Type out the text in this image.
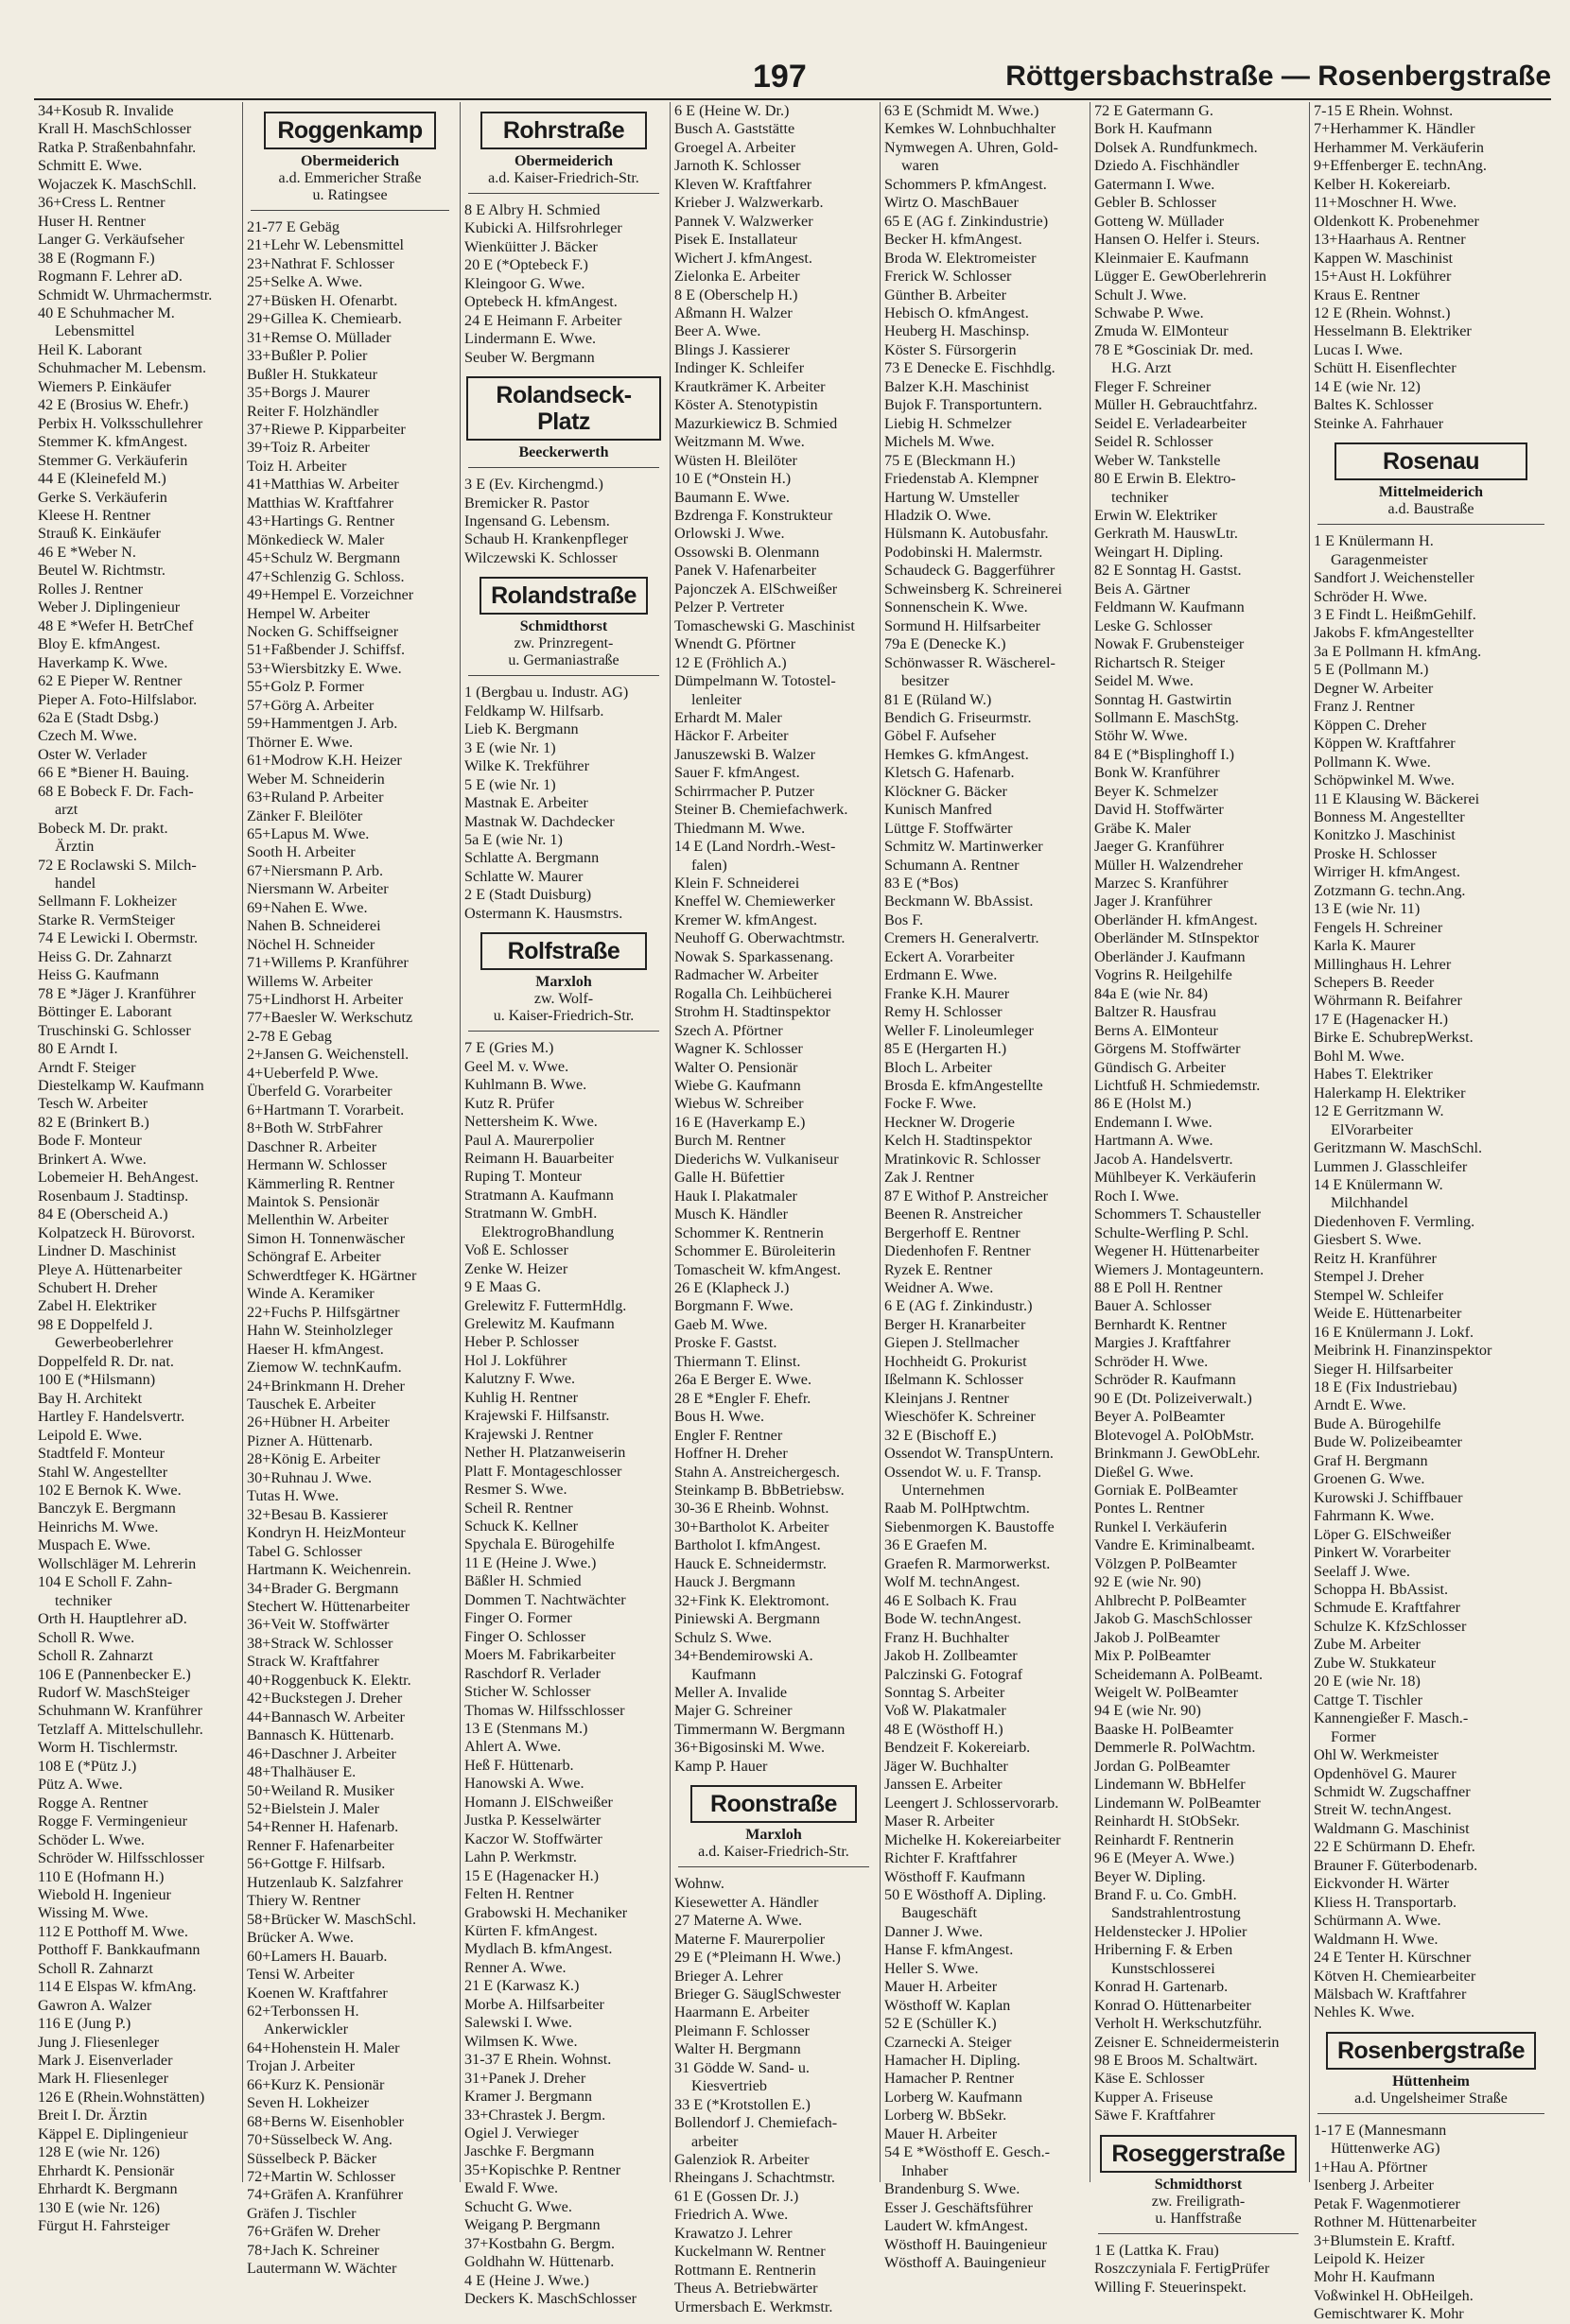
197	Röttgersbachstraße — Rosenbergstraße
34+Kosub R. Invalide
Krall H. MaschSchlosser
Ratka P. Straßenbahnfahr.
Schmitt E. Wwe.
Wojaczek K. MaschSchll.
36+Cress L. Rentner
Huser H. Rentner
Langer G. Verkäufseher
38 E (Rogmann F.)
Rogmann F. Lehrer aD.
Schmidt W. Uhrmachermstr.
40 E Schuhmacher M.
Lebensmittel
Heil K. Laborant
Schuhmacher M. Lebensm.
Wiemers P. Einkäufer
42 E (Brosius W. Ehefr.)
Perbix H. Volksschullehrer
Stemmer K. kfmAngest.
Stemmer G. Verkäuferin
44 E (Kleinefeld M.)
Gerke S. Verkäuferin
Kleese H. Rentner
Strauß K. Einkäufer
46 E *Weber N.
Beutel W. Richtmstr.
Rolles J. Rentner
Weber J. Diplingenieur
48 E *Wefer H. BetrChef
Bloy E. kfmAngest.
Haverkamp K. Wwe.
62 E Pieper W. Rentner
Pieper A. Foto-Hilfslabor.
62a E (Stadt Dsbg.)
Czech M. Wwe.
Oster W. Verlader
66 E *Biener H. Bauing.
68 E Bobeck F. Dr. Fach-
arzt
Bobeck M. Dr. prakt.
Ärztin
72 E Roclawski S. Milch-
handel
Sellmann F. Lokheizer
Starke R. VermSteiger
74 E Lewicki I. Obermstr.
Heiss G. Dr. Zahnarzt
Heiss G. Kaufmann
78 E *Jäger J. Kranführer
Böttinger E. Laborant
Truschinski G. Schlosser
80 E Arndt I.
Arndt F. Steiger
Diestelkamp W. Kaufmann
Tesch W. Arbeiter
82 E (Brinkert B.)
Bode F. Monteur
Brinkert A. Wwe.
Lobemeier H. BehAngest.
Rosenbaum J. Stadtinsp.
84 E (Oberscheid A.)
Kolpatzeck H. Bürovorst.
Lindner D. Maschinist
Pleye A. Hüttenarbeiter
Schubert H. Dreher
Zabel H. Elektriker
98 E Doppelfeld J.
Gewerbeoberlehrer
Doppelfeld R. Dr. nat.
100 E (*Hilsmann)
Bay H. Architekt
Hartley F. Handelsvertr.
Leipold E. Wwe.
Stadtfeld F. Monteur
Stahl W. Angestellter
102 E Bernok K. Wwe.
Banczyk E. Bergmann
Heinrichs M. Wwe.
Muspach E. Wwe.
Wollschläger M. Lehrerin
104 E Scholl F. Zahn-
techniker
Orth H. Hauptlehrer aD.
Scholl R. Wwe.
Scholl R. Zahnarzt
106 E (Pannenbecker E.)
Rudorf W. MaschSteiger
Schuhmann W. Kranführer
Tetzlaff A. Mittelschullehr.
Worm H. Tischlermstr.
108 E (*Pütz J.)
Pütz A. Wwe.
Rogge A. Rentner
Rogge F. Vermingenieur
Schöder L. Wwe.
Schröder W. Hilfsschlosser
110 E (Hofmann H.)
Wiebold H. Ingenieur
Wissing M. Wwe.
112 E Potthoff M. Wwe.
Potthoff F. Bankkaufmann
Scholl R. Zahnarzt
114 E Elspas W. kfmAng.
Gawron A. Walzer
116 E (Jung P.)
Jung J. Fliesenleger
Mark J. Eisenverlader
Mark H. Fliesenleger
126 E (Rhein.Wohnstätten)
Breit I. Dr. Ärztin
Käppel E. Diplingenieur
128 E (wie Nr. 126)
Ehrhardt K. Pensionär
Ehrhardt K. Bergmann
130 E (wie Nr. 126)
Fürgut H. Fahrsteiger
Roggenkamp
Obermeiderich
a.d. Emmericher Straße
u. Ratingsee
21-77 E Gebäg
21+Lehr W. Lebensmittel
23+Nathrat F. Schlosser
25+Selke A. Wwe.
27+Büsken H. Ofenarbt.
29+Gillea K. Chemiearb.
31+Remse O. Müllader
33+Bußler P. Polier
Bußler H. Stukkateur
35+Borgs J. Maurer
Reiter F. Holzhändler
37+Riewe P. Kipparbeiter
39+Toiz R. Arbeiter
Toiz H. Arbeiter
41+Matthias W. Arbeiter
Matthias W. Kraftfahrer
43+Hartings G. Rentner
Mönkedieck W. Maler
45+Schulz W. Bergmann
47+Schlenzig G. Schloss.
49+Hempel E. Vorzeichner
Hempel W. Arbeiter
Nocken G. Schiffseigner
51+Faßbender J. Schiffsf.
53+Wiersbitzky E. Wwe.
55+Golz P. Former
57+Görg A. Arbeiter
59+Hammentgen J. Arb.
Thörner E. Wwe.
61+Modrow K.H. Heizer
Weber M. Schneiderin
63+Ruland P. Arbeiter
Zänker F. Bleilöter
65+Lapus M. Wwe.
Sooth H. Arbeiter
67+Niersmann P. Arb.
Niersmann W. Arbeiter
69+Nahen E. Wwe.
Nahen B. Schneiderei
Nöchel H. Schneider
71+Willems P. Kranführer
Willems W. Arbeiter
75+Lindhorst H. Arbeiter
77+Baesler W. Werkschutz
2-78 E Gebag
2+Jansen G. Weichenstell.
4+Ueberfeld P. Wwe.
Überfeld G. Vorarbeiter
6+Hartmann T. Vorarbeit.
8+Both W. StrbFahrer
Daschner R. Arbeiter
Hermann W. Schlosser
Kämmerling R. Rentner
Maintok S. Pensionär
Mellenthin W. Arbeiter
Simon H. Tonnenwäscher
Schöngraf E. Arbeiter
Schwerdtfeger K. HGärtner
Winde A. Keramiker
22+Fuchs P. Hilfsgärtner
Hahn W. Steinholzleger
Haeser H. kfmAngest.
Ziemow W. technKaufm.
24+Brinkmann H. Dreher
Tauschek E. Arbeiter
26+Hübner H. Arbeiter
Pizner A. Hüttenarb.
28+König E. Arbeiter
30+Ruhnau J. Wwe.
Tutas H. Wwe.
32+Besau B. Kassierer
Kondryn H. HeizMonteur
Tabel G. Schlosser
Hartmann K. Weichenrein.
34+Brader G. Bergmann
Stechert W. Hüttenarbeiter
36+Veit W. Stoffwärter
38+Strack W. Schlosser
Strack W. Kraftfahrer
40+Roggenbuck K. Elektr.
42+Buckstegen J. Dreher
44+Bannasch W. Arbeiter
Bannasch K. Hüttenarb.
46+Daschner J. Arbeiter
48+Thalhäuser E.
50+Weiland R. Musiker
52+Bielstein J. Maler
54+Renner H. Hafenarb.
Renner F. Hafenarbeiter
56+Gottge F. Hilfsarb.
Hutzenlaub K. Salzfahrer
Thiery W. Rentner
58+Brücker W. MaschSchl.
Brücker A. Wwe.
60+Lamers H. Bauarb.
Tensi W. Arbeiter
Koenen W. Kraftfahrer
62+Terbonssen H.
Ankerwickler
64+Hohenstein H. Maler
Trojan J. Arbeiter
66+Kurz K. Pensionär
Seven H. Lokheizer
68+Berns W. Eisenhobler
70+Süsselbeck W. Ang.
Süsselbeck P. Bäcker
72+Martin W. Schlosser
74+Gräfen A. Kranführer
Gräfen J. Tischler
76+Gräfen W. Dreher
78+Jach K. Schreiner
Lautermann W. Wächter
Rohrstraße
Obermeiderich
a.d. Kaiser-Friedrich-Str.
8 E Albry H. Schmied
Kubicki A. Hilfsrohrleger
Wienküitter J. Bäcker
20 E (*Optebeck F.)
Kleingoor G. Wwe.
Optebeck H. kfmAngest.
24 E Heimann F. Arbeiter
Lindermann E. Wwe.
Seuber W. Bergmann
Rolandseck-Platz
Beeckerwerth
3 E (Ev. Kirchengmd.)
Bremicker R. Pastor
Ingensand G. Lebensm.
Schaub H. Krankenpfleger
Wilczewski K. Schlosser
Rolandstraße
Schmidthorst
zw. Prinzregent-
u. Germaniastraße
1 (Bergbau u. Industr. AG)
Feldkamp W. Hilfsarb.
Lieb K. Bergmann
3 E (wie Nr. 1)
Wilke K. Trekführer
5 E (wie Nr. 1)
Mastnak E. Arbeiter
Mastnak W. Dachdecker
5a E (wie Nr. 1)
Schlatte A. Bergmann
Schlatte W. Maurer
2 E (Stadt Duisburg)
Ostermann K. Hausmstrs.
Rolfstraße
Marxloh
zw. Wolf-
u. Kaiser-Friedrich-Str.
7 E (Gries M.)
Geel M. v. Wwe.
Kuhlmann B. Wwe.
Kutz R. Prüfer
Nettersheim K. Wwe.
Paul A. Maurerpolier
Reimann H. Bauarbeiter
Ruping T. Monteur
Stratmann A. Kaufmann
Stratmann W. GmbH.
ElektrogroBhandlung
Voß E. Schlosser
Zenke W. Heizer
9 E Maas G.
Grelewitz F. FuttermHdlg.
Grelewitz M. Kaufmann
Heber P. Schlosser
Hol J. Lokführer
Kalutzny F. Wwe.
Kuhlig H. Rentner
Krajewski F. Hilfsanstr.
Krajewski J. Rentner
Nether H. Platzanweiserin
Platt F. Montageschlosser
Resmer S. Wwe.
Scheil R. Rentner
Schuck K. Kellner
Spychala E. Bürogehilfe
11 E (Heine J. Wwe.)
Bäßler H. Schmied
Dommen T. Nachtwächter
Finger O. Former
Finger O. Schlosser
Moers M. Fabrikarbeiter
Raschdorf R. Verlader
Sticher W. Schlosser
Thomas W. Hilfsschlosser
13 E (Stenmans M.)
Ahlert A. Wwe.
Heß F. Hüttenarb.
Hanowski A. Wwe.
Homann J. ElSchweißer
Justka P. Kesselwärter
Kaczor W. Stoffwärter
Lahn P. Werkmstr.
15 E (Hagenacker H.)
Felten H. Rentner
Grabowski H. Mechaniker
Kürten F. kfmAngest.
Mydlach B. kfmAngest.
Renner A. Wwe.
21 E (Karwasz K.)
Morbe A. Hilfsarbeiter
Salewski I. Wwe.
Wilmsen K. Wwe.
31-37 E Rhein. Wohnst.
31+Panek J. Dreher
Kramer J. Bergmann
33+Chrastek J. Bergm.
Ogiel J. Verwieger
Jaschke F. Bergmann
35+Kopischke P. Rentner
Ewald F. Wwe.
Schucht G. Wwe.
Weigang P. Bergmann
37+Kostbahn G. Bergm.
Goldhahn W. Hüttenarb.
4 E (Heine J. Wwe.)
Deckers K. MaschSchlosser
6 E (Heine W. Dr.)
Busch A. Gaststätte
Groegel A. Arbeiter
Jarnoth K. Schlosser
Kleven W. Kraftfahrer
Krieber J. Walzwerkarb.
Pannek V. Walzwerker
Pisek E. Installateur
Wichert J. kfmAngest.
Zielonka E. Arbeiter
8 E (Oberschelp H.)
Aßmann H. Walzer
Beer A. Wwe.
Blings J. Kassierer
Indinger K. Schleifer
Krautkrämer K. Arbeiter
Köster A. Stenotypistin
Mazurkiewicz B. Schmied
Weitzmann M. Wwe.
Wüsten H. Bleilöter
10 E (*Onstein H.)
Baumann E. Wwe.
Bzdrenga F. Konstrukteur
Orlowski J. Wwe.
Ossowski B. Olenmann
Panek V. Hafenarbeiter
Pajonczek A. ElSchweißer
Pelzer P. Vertreter
Tomaschewski G. Maschinist
Wnendt G. Pförtner
12 E (Fröhlich A.)
Dümpelmann W. Totostel-
lenleiter
Erhardt M. Maler
Häckor F. Arbeiter
Januszewski B. Walzer
Sauer F. kfmAngest.
Schirrmacher P. Putzer
Steiner B. Chemiefachwerk.
Thiedmann M. Wwe.
14 E (Land Nordrh.-West-
falen)
Klein F. Schneiderei
Kneffel W. Chemiewerker
Kremer W. kfmAngest.
Neuhoff G. Oberwachtmstr.
Nowak S. Sparkassenang.
Radmacher W. Arbeiter
Rogalla Ch. Leihbücherei
Strohm H. Stadtinspektor
Szech A. Pförtner
Wagner K. Schlosser
Walter O. Pensionär
Wiebe G. Kaufmann
Wiebus W. Schreiber
16 E (Haverkamp E.)
Burch M. Rentner
Diederichs W. Vulkaniseur
Galle H. Büfettier
Hauk I. Plakatmaler
Musch K. Händler
Schommer K. Rentnerin
Schommer E. Büroleiterin
Tomascheit W. kfmAngest.
26 E (Klapheck J.)
Borgmann F. Wwe.
Gaeb M. Wwe.
Proske F. Gastst.
Thiermann T. Elinst.
26a E Berger E. Wwe.
28 E *Engler F. Ehefr.
Bous H. Wwe.
Engler F. Rentner
Hoffner H. Dreher
Stahn A. Anstreichergesch.
Steinkamp B. BbBetriebsw.
30-36 E Rheinb. Wohnst.
30+Bartholot K. Arbeiter
Bartholot I. kfmAngest.
Hauck E. Schneidermstr.
Hauck J. Bergmann
32+Fink K. Elektromont.
Piniewski A. Bergmann
Schulz S. Wwe.
34+Bendemirowski A.
Kaufmann
Meller A. Invalide
Majer G. Schreiner
Timmermann W. Bergmann
36+Bigosinski M. Wwe.
Kamp P. Hauer
Roonstraße
Marxloh
a.d. Kaiser-Friedrich-Str.
Wohnw.
Kiesewetter A. Händler
27 Materne A. Wwe.
Materne F. Maurerpolier
29 E (*Pleimann H. Wwe.)
Brieger A. Lehrer
Brieger G. SäuglSchwester
Haarmann E. Arbeiter
Pleimann F. Schlosser
Walter H. Bergmann
31 Gödde W. Sand- u.
Kiesvertrieb
33 E (*Krotstollen E.)
Bollendorf J. Chemiefach-
arbeiter
Galenziok R. Arbeiter
Rheingans J. Schachtmstr.
61 E (Gossen Dr. J.)
Friedrich A. Wwe.
Krawatzo J. Lehrer
Kuckelmann W. Rentner
Rottmann E. Rentnerin
Theus A. Betriebwärter
Urmersbach E. Werkmstr.
63 E (Schmidt M. Wwe.)
Kemkes W. Lohnbuchhalter
Nymwegen A. Uhren, Gold-
waren
Schommers P. kfmAngest.
Wirtz O. MaschBauer
65 E (AG f. Zinkindustrie)
Becker H. kfmAngest.
Broda W. Elektromeister
Frerick W. Schlosser
Günther B. Arbeiter
Hebisch O. kfmAngest.
Heuberg H. Maschinsp.
Köster S. Fürsorgerin
73 E Denecke E. Fischhdlg.
Balzer K.H. Maschinist
Bujok F. Transportuntern.
Liebig H. Schmelzer
Michels M. Wwe.
75 E (Bleckmann H.)
Friedenstab A. Klempner
Hartung W. Umsteller
Hladzik O. Wwe.
Hülsmann K. Autobusfahr.
Podobinski H. Malermstr.
Schaudeck G. Baggerführer
Schweinsberg K. Schreinerei
Sonnenschein K. Wwe.
Sormund H. Hilfsarbeiter
79a E (Denecke K.)
Schönwasser R. Wäscherel-
besitzer
81 E (Rüland W.)
Bendich G. Friseurmstr.
Göbel F. Aufseher
Hemkes G. kfmAngest.
Kletsch G. Hafenarb.
Klöckner G. Bäcker
Kunisch Manfred
Lüttge F. Stoffwärter
Schmitz W. Martinwerker
Schumann A. Rentner
83 E (*Bos)
Beckmann W. BbAssist.
Bos F.
Cremers H. Generalvertr.
Eckert A. Vorarbeiter
Erdmann E. Wwe.
Franke K.H. Maurer
Remy H. Schlosser
Weller F. Linoleumleger
85 E (Hergarten H.)
Bloch L. Arbeiter
Brosda E. kfmAngestellte
Focke F. Wwe.
Heckner W. Drogerie
Kelch H. Stadtinspektor
Mratinkovic R. Schlosser
Zak J. Rentner
87 E Withof P. Anstreicher
Beenen R. Anstreicher
Bergerhoff E. Rentner
Diedenhofen F. Rentner
Ryzek E. Rentner
Weidner A. Wwe.
6 E (AG f. Zinkindustr.)
Berger H. Kranarbeiter
Giepen J. Stellmacher
Hochheidt G. Prokurist
Ißelmann K. Schlosser
Kleinjans J. Rentner
Wieschöfer K. Schreiner
32 E (Bischoff E.)
Ossendot W. TranspUntern.
Ossendot W. u. F. Transp.
Unternehmen
Raab M. PolHptwchtm.
Siebenmorgen K. Baustoffe
36 E Graefen M.
Graefen R. Marmorwerkst.
Wolf M. technAngest.
46 E Solbach K. Frau
Bode W. technAngest.
Franz H. Buchhalter
Jakob H. Zollbeamter
Palczinski G. Fotograf
Sonntag S. Arbeiter
Voß W. Plakatmaler
48 E (Wösthoff H.)
Bendzeit F. Kokereiarb.
Jäger W. Buchhalter
Janssen E. Arbeiter
Leengert J. Schlosservorarb.
Maser R. Arbeiter
Michelke H. Kokereiarbeiter
Richter F. Kraftfahrer
Wösthoff F. Kaufmann
50 E Wösthoff A. Dipling.
Baugeschäft
Danner J. Wwe.
Hanse F. kfmAngest.
Heller S. Wwe.
Mauer H. Arbeiter
Wösthoff W. Kaplan
52 E (Schüller K.)
Czarnecki A. Steiger
Hamacher H. Dipling.
Hamacher P. Rentner
Lorberg W. Kaufmann
Lorberg W. BbSekr.
Mauer H. Arbeiter
54 E *Wösthoff E. Gesch.-
Inhaber
Brandenburg S. Wwe.
Esser J. Geschäftsführer
Laudert W. kfmAngest.
Wösthoff H. Bauingenieur
Wösthoff A. Bauingenieur
72 E Gatermann G.
Bork H. Kaufmann
Dolsek A. Rundfunkmech.
Dziedo A. Fischhändler
Gatermann I. Wwe.
Gebler B. Schlosser
Gotteng W. Müllader
Hansen O. Helfer i. Steurs.
Kleinmaier E. Kaufmann
Lügger E. GewOberlehrerin
Schult J. Wwe.
Schwabe P. Wwe.
Zmuda W. ElMonteur
78 E *Gosciniak Dr. med.
H.G. Arzt
Fleger F. Schreiner
Müller H. Gebrauchtfahrz.
Seidel E. Verladearbeiter
Seidel R. Schlosser
Weber W. Tankstelle
80 E Erwin B. Elektro-
techniker
Erwin W. Elektriker
Gerkrath M. HauswLtr.
Weingart H. Dipling.
82 E Sonntag H. Gastst.
Beis A. Gärtner
Feldmann W. Kaufmann
Leske G. Schlosser
Nowak F. Grubensteiger
Richartsch R. Steiger
Seidel M. Wwe.
Sonntag H. Gastwirtin
Sollmann E. MaschStg.
Stöhr W. Wwe.
84 E (*Bisplinghoff I.)
Bonk W. Kranführer
Beyer K. Schmelzer
David H. Stoffwärter
Gräbe K. Maler
Jaeger G. Kranführer
Müller H. Walzendreher
Marzec S. Kranführer
Jager J. Kranführer
Oberländer H. kfmAngest.
Oberländer M. StInspektor
Oberländer J. Kaufmann
Vogrins R. Heilgehilfe
84a E (wie Nr. 84)
Baltzer R. Hausfrau
Berns A. ElMonteur
Görgens M. Stoffwärter
Gündisch G. Arbeiter
Lichtfuß H. Schmiedemstr.
86 E (Holst M.)
Endemann I. Wwe.
Hartmann A. Wwe.
Jacob A. Handelsvertr.
Mühlbeyer K. Verkäuferin
Roch I. Wwe.
Schommers T. Schausteller
Schulte-Werfling P. Schl.
Wegener H. Hüttenarbeiter
Wiemers J. Montageuntern.
88 E Poll H. Rentner
Bauer A. Schlosser
Bernhardt K. Rentner
Margies J. Kraftfahrer
Schröder H. Wwe.
Schröder R. Kaufmann
90 E (Dt. Polizeiverwalt.)
Beyer A. PolBeamter
Blotevogel A. PolObMstr.
Brinkmann J. GewObLehr.
Dießel G. Wwe.
Gorniak E. PolBeamter
Pontes L. Rentner
Runkel I. Verkäuferin
Vandre E. Kriminalbeamt.
Völzgen P. PolBeamter
92 E (wie Nr. 90)
Ahlbrecht P. PolBeamter
Jakob G. MaschSchlosser
Jakob J. PolBeamter
Mix P. PolBeamter
Scheidemann A. PolBeamt.
Weigelt W. PolBeamter
94 E (wie Nr. 90)
Baaske H. PolBeamter
Demmerle R. PolWachtm.
Jordan G. PolBeamter
Lindemann W. BbHelfer
Lindemann W. PolBeamter
Reinhardt H. StObSekr.
Reinhardt F. Rentnerin
96 E (Meyer A. Wwe.)
Beyer W. Dipling.
Brand F. u. Co. GmbH.
Sandstrahlentrostung
Heldenstecker J. HPolier
Hriberning F. & Erben
Kunstschlosserei
Konrad H. Gartenarb.
Konrad O. Hüttenarbeiter
Verholt H. Werkschutzführ.
Zeisner E. Schneidermeisterin
98 E Broos M. Schaltwärt.
Käse E. Schlosser
Kupper A. Friseuse
Säwe F. Kraftfahrer
Roseggerstraße
Schmidthorst
zw. Freiligrath-
u. Hanffstraße
1 E (Lattka K. Frau)
Roszczyniala F. FertigPrüfer
Willing F. Steuerinspekt.
7-15 E Rhein. Wohnst.
7+Herhammer K. Händler
Herhammer M. Verkäuferin
9+Effenberger E. technAng.
Kelber H. Kokereiarb.
11+Moschner H. Wwe.
Oldenkott K. Probenehmer
13+Haarhaus A. Rentner
Kappen W. Maschinist
15+Aust H. Lokführer
Kraus E. Rentner
12 E (Rhein. Wohnst.)
Hesselmann B. Elektriker
Lucas I. Wwe.
Schütt H. Eisenflechter
14 E (wie Nr. 12)
Baltes K. Schlosser
Steinke A. Fahrhauer
Rosenau
Mittelmeiderich
a.d. Baustraße
1 E Knülermann H.
Garagenmeister
Sandfort J. Weichensteller
Schröder H. Wwe.
3 E Findt L. HeißmGehilf.
Jakobs F. kfmAngestellter
3a E Pollmann H. kfmAng.
5 E (Pollmann M.)
Degner W. Arbeiter
Franz J. Rentner
Köppen C. Dreher
Köppen W. Kraftfahrer
Pollmann K. Wwe.
Schöpwinkel M. Wwe.
11 E Klausing W. Bäckerei
Bonness M. Angestellter
Konitzko J. Maschinist
Proske H. Schlosser
Wirriger H. kfmAngest.
Zotzmann G. techn.Ang.
13 E (wie Nr. 11)
Fengels H. Schreiner
Karla K. Maurer
Millinghaus H. Lehrer
Schepers B. Reeder
Wöhrmann R. Beifahrer
17 E (Hagenacker H.)
Birke E. SchubrepWerkst.
Bohl M. Wwe.
Habes T. Elektriker
Halerkamp H. Elektriker
12 E Gerritzmann W.
ElVorarbeiter
Geritzmann W. MaschSchl.
Lummen J. Glasschleifer
14 E Knülermann W.
Milchhandel
Diedenhoven F. Vermling.
Giesbert S. Wwe.
Reitz H. Kranführer
Stempel J. Dreher
Stempel W. Schleifer
Weide E. Hüttenarbeiter
16 E Knülermann J. Lokf.
Meibrink H. Finanzinspektor
Sieger H. Hilfsarbeiter
18 E (Fix Industriebau)
Arndt E. Wwe.
Bude A. Bürogehilfe
Bude W. Polizeibeamter
Graf H. Bergmann
Groenen G. Wwe.
Kurowski J. Schiffbauer
Fahrmann K. Wwe.
Löper G. ElSchweißer
Pinkert W. Vorarbeiter
Seelaff J. Wwe.
Schoppa H. BbAssist.
Schmude E. Kraftfahrer
Schulze K. KfzSchlosser
Zube M. Arbeiter
Zube W. Stukkateur
20 E (wie Nr. 18)
Cattge T. Tischler
Kannengießer F. Masch.-
Former
Ohl W. Werkmeister
Opdenhövel G. Maurer
Schmidt W. Zugschaffner
Streit W. technAngest.
Waldmann G. Maschinist
22 E Schürmann D. Ehefr.
Brauner F. Güterbodenarb.
Eickvonder H. Wärter
Kliess H. Transportarb.
Schürmann A. Wwe.
Waldmann H. Wwe.
24 E Tenter H. Kürschner
Kötven H. Chemiearbeiter
Mälsbach W. Kraftfahrer
Nehles K. Wwe.
Rosenbergstraße
Hüttenheim
a.d. Ungelsheimer Straße
1-17 E (Mannesmann
Hüttenwerke AG)
1+Hau A. Pförtner
Isenberg J. Arbeiter
Petak F. Wagenmotierer
Rothner M. Hüttenarbeiter
3+Blumstein E. Kraftf.
Leipold K. Heizer
Mohr H. Kaufmann
Voßwinkel H. ObHeilgeh.
Gemischtwarer K. Mohr
